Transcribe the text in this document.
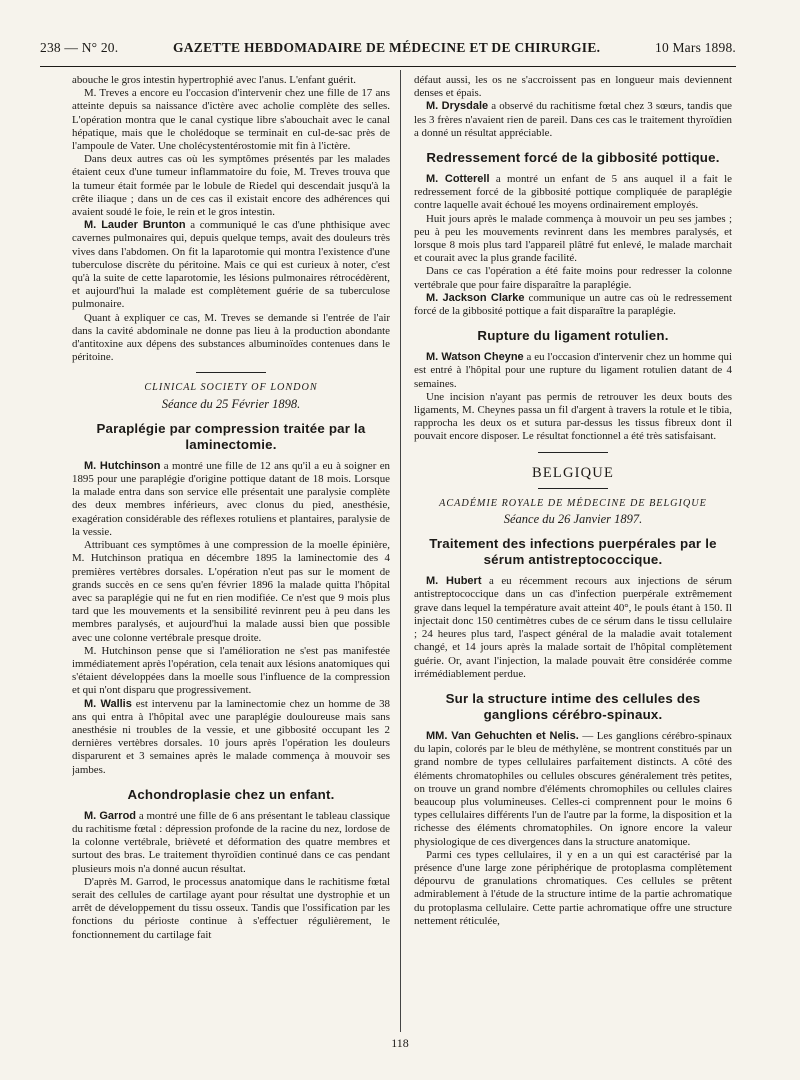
238 — N° 20.	GAZETTE HEBDOMADAIRE DE MÉDECINE ET DE CHIRURGIE.	10 Mars 1898.

abouche le gros intestin hypertrophié avec l'anus. L'enfant guérit.

M. Treves a encore eu l'occasion d'intervenir chez une fille de 17 ans atteinte depuis sa naissance d'ictère avec acholie complète des selles. L'opération montra que le canal cystique libre s'abouchait avec le canal hépatique, mais que le cholédoque se terminait en cul-de-sac près de l'ampoule de Vater. Une cholécystentérostomie mit fin à l'ictère.

Dans deux autres cas où les symptômes présentés par les malades étaient ceux d'une tumeur inflammatoire du foie, M. Treves trouva que la tumeur était formée par le lobule de Riedel qui descendait jusqu'à la crête iliaque ; dans un de ces cas il existait encore des adhérences qui avaient soudé le foie, le rein et le gros intestin.

M. Lauder Brunton a communiqué le cas d'une phthisique avec cavernes pulmonaires qui, depuis quelque temps, avait des douleurs très vives dans l'abdomen. On fit la laparotomie qui montra l'existence d'une tuberculose discrète du péritoine. Mais ce qui est curieux à noter, c'est qu'à la suite de cette laparotomie, les lésions pulmonaires rétrocédèrent, et aujourd'hui la malade est complètement guérie de sa tuberculose pulmonaire.

Quant à expliquer ce cas, M. Treves se demande si l'entrée de l'air dans la cavité abdominale ne donne pas lieu à la production abondante d'antitoxine aux dépens des substances albuminoïdes contenues dans le péritoine.

CLINICAL SOCIETY OF LONDON
Séance du 25 Février 1898.
Paraplégie par compression traitée par la laminectomie.

M. Hutchinson a montré une fille de 12 ans qu'il a eu à soigner en 1895 pour une paraplégie d'origine pottique datant de 18 mois. Lorsque la malade entra dans son service elle présentait une paralysie complète des deux membres inférieurs, avec clonus du pied, anesthésie, exagération considérable des réflexes rotuliens et plantaires, paralysie de la vessie.

Attribuant ces symptômes à une compression de la moelle épinière, M. Hutchinson pratiqua en décembre 1895 la laminectomie des 4 premières vertèbres dorsales. L'opération n'eut pas sur le moment de grands succès en ce sens qu'en février 1896 la malade quitta l'hôpital avec sa paraplégie qui ne fut en rien modifiée. Ce n'est que 9 mois plus tard que les mouvements et la sensibilité revinrent peu à peu dans les membres paralysés, et aujourd'hui la malade aussi bien que possible avec une colonne vertébrale presque droite.

M. Hutchinson pense que si l'amélioration ne s'est pas manifestée immédiatement après l'opération, cela tenait aux lésions anatomiques qui s'étaient développées dans la moelle sous l'influence de la compression et qui n'ont disparu que progressivement.

M. Wallis est intervenu par la laminectomie chez un homme de 38 ans qui entra à l'hôpital avec une paraplégie douloureuse mais sans anesthésie ni troubles de la vessie, et une gibbosité occupant les 2 dernières vertèbres dorsales. 10 jours après l'opération les douleurs disparurent et 3 semaines après le malade commença à mouvoir ses jambes.

Achondroplasie chez un enfant.

M. Garrod a montré une fille de 6 ans présentant le tableau classique du rachitisme fœtal : dépression profonde de la racine du nez, lordose de la colonne vertébrale, brièveté et déformation des quatre membres et surtout des bras. Le traitement thyroïdien continué dans ce cas pendant plusieurs mois n'a donné aucun résultat.

D'après M. Garrod, le processus anatomique dans le rachitisme fœtal serait des cellules de cartilage ayant pour résultat une dystrophie et un arrêt de développement du tissu osseux. Tandis que l'ossification par les fonctions du périoste continue à s'effectuer régulièrement, le fonctionnement du cartilage fait

défaut aussi, les os ne s'accroissent pas en longueur mais deviennent denses et épais.

M. Drysdale a observé du rachitisme fœtal chez 3 sœurs, tandis que les 3 frères n'avaient rien de pareil. Dans ces cas le traitement thyroïdien a donné un résultat appréciable.

Redressement forcé de la gibbosité pottique.

M. Cotterell a montré un enfant de 5 ans auquel il a fait le redressement forcé de la gibbosité pottique compliquée de paraplégie contre laquelle avait échoué les moyens ordinairement employés.

Huit jours après le malade commença à mouvoir un peu ses jambes ; peu à peu les mouvements revinrent dans les membres paralysés, et lorsque 8 mois plus tard l'appareil plâtré fut enlevé, le malade marchait et courait avec la plus grande facilité.

Dans ce cas l'opération a été faite moins pour redresser la colonne vertébrale que pour faire disparaître la paraplégie.

M. Jackson Clarke communique un autre cas où le redressement forcé de la gibbosité pottique a fait disparaître la paraplégie.

Rupture du ligament rotulien.

M. Watson Cheyne a eu l'occasion d'intervenir chez un homme qui est entré à l'hôpital pour une rupture du ligament rotulien datant de 4 semaines.

Une incision n'ayant pas permis de retrouver les deux bouts des ligaments, M. Cheynes passa un fil d'argent à travers la rotule et le tibia, rapprocha les deux os et sutura par-dessus les tissus fibreux dont il pouvait encore disposer. Le résultat fonctionnel a été très satisfaisant.

BELGIQUE
ACADÉMIE ROYALE DE MÉDECINE DE BELGIQUE
Séance du 26 Janvier 1897.
Traitement des infections puerpérales par le sérum antistreptococcique.

M. Hubert a eu récemment recours aux injections de sérum antistreptococcique dans un cas d'infection puerpérale extrêmement grave dans lequel la température avait atteint 40°, le pouls étant à 150. Il injectait donc 150 centimètres cubes de ce sérum dans le tissu cellulaire ; 24 heures plus tard, l'aspect général de la maladie avait totalement changé, et 14 jours après la malade sortait de l'hôpital complètement guérie. Or, avant l'injection, la malade pouvait être considérée comme irrémédiablement perdue.

Sur la structure intime des cellules des ganglions cérébro-spinaux.

MM. Van Gehuchten et Nelis. — Les ganglions cérébro-spinaux du lapin, colorés par le bleu de méthylène, se montrent constitués par un grand nombre de types cellulaires parfaitement distincts. A côté des éléments chromatophiles ou cellules obscures généralement très petites, on trouve un grand nombre d'éléments chromophiles ou cellules claires beaucoup plus volumineuses. Celles-ci comprennent pour le moins 6 types cellulaires différents l'un de l'autre par la forme, la disposition et la richesse des éléments chromatophiles. On ignore encore la valeur physiologique de ces divergences dans la structure anatomique.

Parmi ces types cellulaires, il y en a un qui est caractérisé par la présence d'une large zone périphérique de protoplasma complètement dépourvu de granulations chromatiques. Ces cellules se prêtent admirablement à l'étude de la structure intime de la partie achromatique du protoplasma cellulaire. Cette partie achromatique offre une structure nettement réticulée,

118
